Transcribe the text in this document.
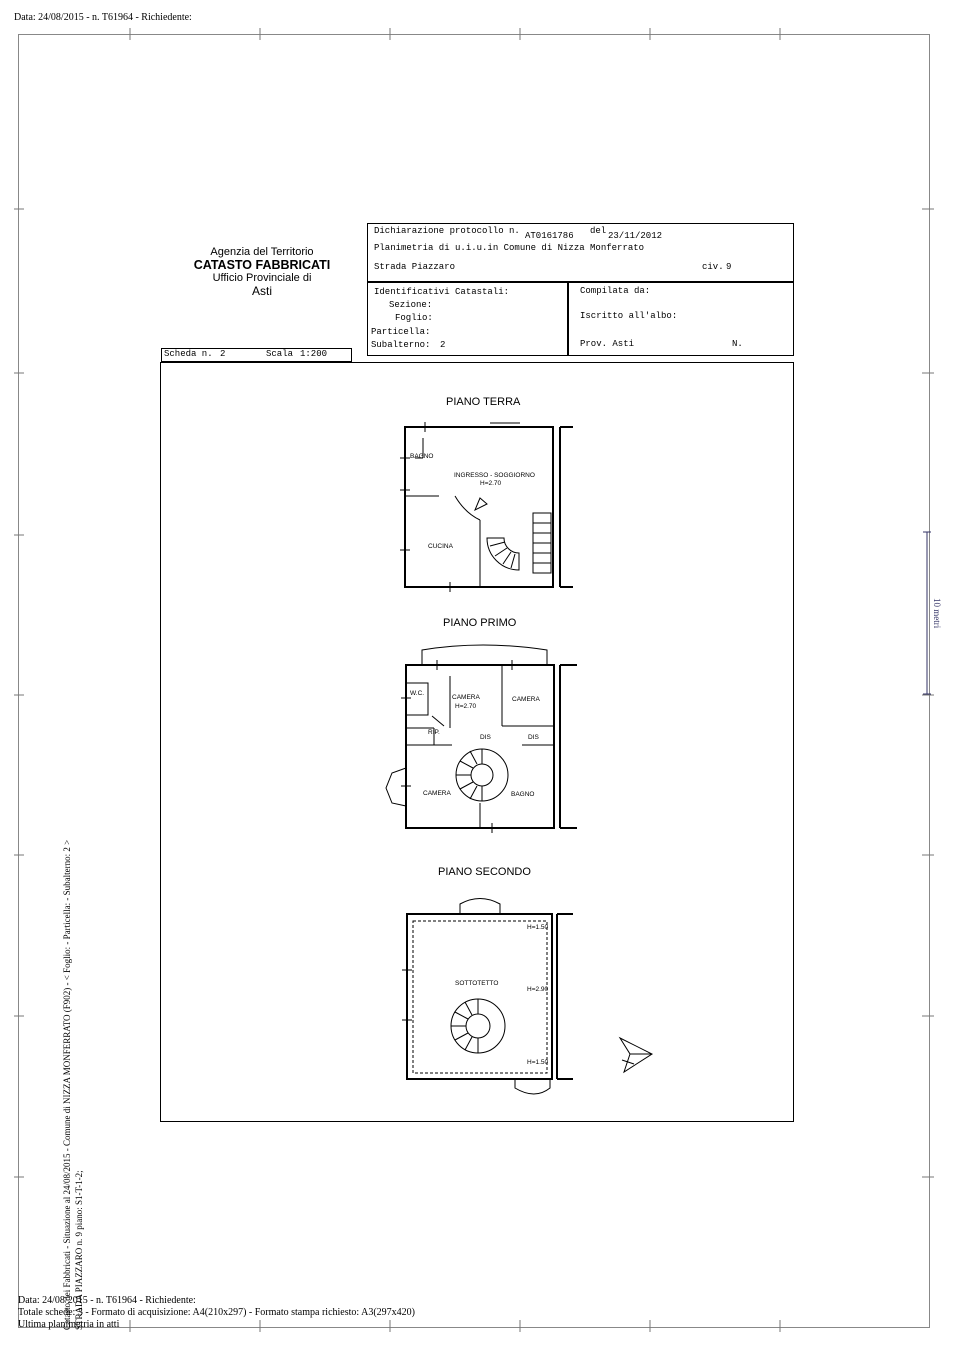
Data: 24/08/2015 - n. T61964 - Richiedente:
Agenzia del Territorio
CATASTO FABBRICATI
Ufficio Provinciale di
Asti
Dichiarazione protocollo n. AT0161786 del 23/11/2012
Planimetria di u.i.u.in Comune di Nizza Monferrato
Strada Piazzaro	civ. 9
Identificativi Catastali:
Sezione:
Foglio:
Particella:
Subalterno: 2
Compilata da:
Iscritto all'albo:
Prov. Asti	N.
Scheda n. 2	Scala 1:200
PIANO TERRA
PIANO PRIMO
PIANO SECONDO
BAGNO
INGRESSO - SOGGIORNO
H=2.70
CUCINA
W.C.
CAMERA
H=2.70
CAMERA
RIP.
DIS	DIS
CAMERA	BAGNO
H=1.50
SOTTOTETTO
H=2.90
H=1.50
10 metri
Catasto dei Fabbricati - Situazione al 24/08/2015 - Comune di NIZZA MONFERRATO (F902) - < Foglio: - Particella: - Subalterno: 2 > STRADA PIAZZARO n. 9 piano: S1-T-1-2;
Data: 24/08/2015 - n. T61964 - Richiedente:
Totale schede: 3 - Formato di acquisizione: A4(210x297) - Formato stampa richiesto: A3(297x420)
Ultima planimetria in atti
